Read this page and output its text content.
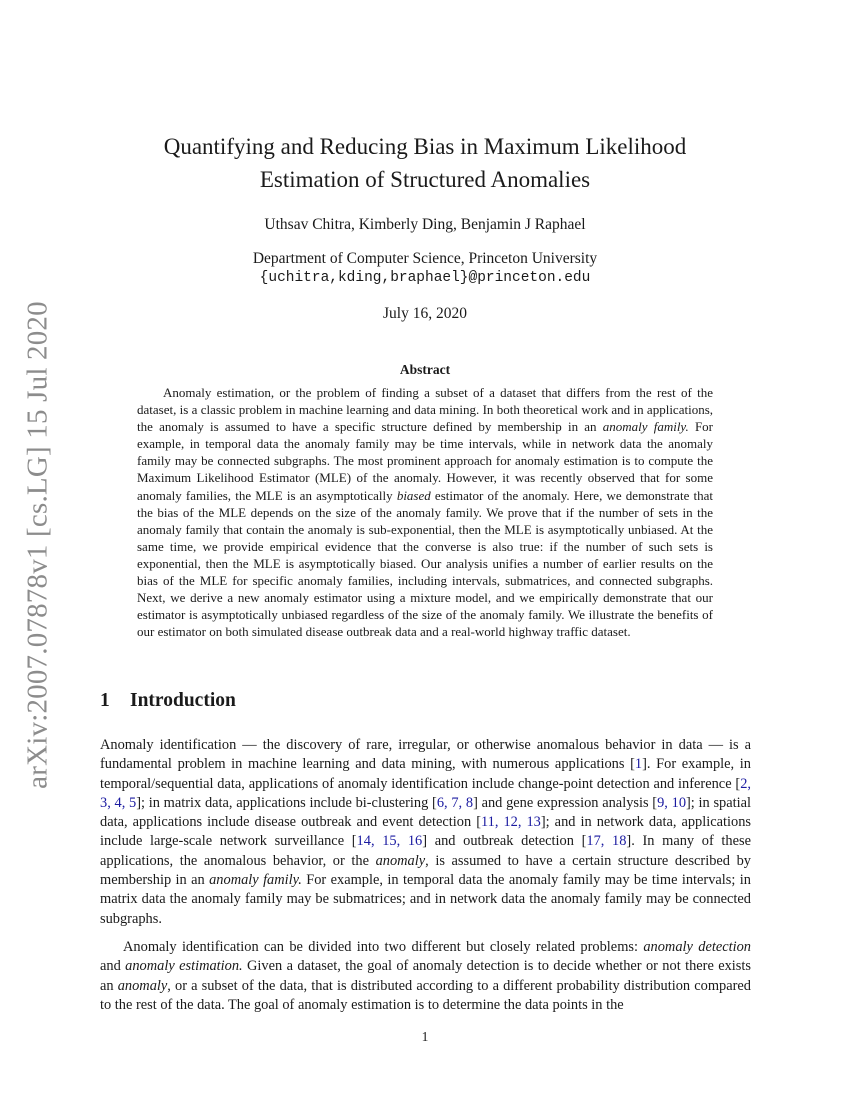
arXiv:2007.07878v1 [cs.LG] 15 Jul 2020
Quantifying and Reducing Bias in Maximum Likelihood
Estimation of Structured Anomalies
Uthsav Chitra, Kimberly Ding, Benjamin J Raphael
Department of Computer Science, Princeton University
{uchitra,kding,braphael}@princeton.edu
July 16, 2020
Abstract

Anomaly estimation, or the problem of finding a subset of a dataset that differs from the rest of the dataset, is a classic problem in machine learning and data mining. In both theoretical work and in applications, the anomaly is assumed to have a specific structure defined by membership in an anomaly family. For example, in temporal data the anomaly family may be time intervals, while in network data the anomaly family may be connected subgraphs. The most prominent approach for anomaly estimation is to compute the Maximum Likelihood Estimator (MLE) of the anomaly. However, it was recently observed that for some anomaly families, the MLE is an asymptotically biased estimator of the anomaly. Here, we demonstrate that the bias of the MLE depends on the size of the anomaly family. We prove that if the number of sets in the anomaly family that contain the anomaly is sub-exponential, then the MLE is asymptotically unbiased. At the same time, we provide empirical evidence that the converse is also true: if the number of such sets is exponential, then the MLE is asymptotically biased. Our analysis unifies a number of earlier results on the bias of the MLE for specific anomaly families, including intervals, submatrices, and connected subgraphs. Next, we derive a new anomaly estimator using a mixture model, and we empirically demonstrate that our estimator is asymptotically unbiased regardless of the size of the anomaly family. We illustrate the benefits of our estimator on both simulated disease outbreak data and a real-world highway traffic dataset.

1 Introduction

Anomaly identification — the discovery of rare, irregular, or otherwise anomalous behavior in data — is a fundamental problem in machine learning and data mining, with numerous applications [1]. For example, in temporal/sequential data, applications of anomaly identification include change-point detection and inference [2, 3, 4, 5]; in matrix data, applications include bi-clustering [6, 7, 8] and gene expression analysis [9, 10]; in spatial data, applications include disease outbreak and event detection [11, 12, 13]; and in network data, applications include large-scale network surveillance [14, 15, 16] and outbreak detection [17, 18]. In many of these applications, the anomalous behavior, or the anomaly, is assumed to have a certain structure described by membership in an anomaly family. For example, in temporal data the anomaly family may be time intervals; in matrix data the anomaly family may be submatrices; and in network data the anomaly family may be connected subgraphs.

Anomaly identification can be divided into two different but closely related problems: anomaly detection and anomaly estimation. Given a dataset, the goal of anomaly detection is to decide whether or not there exists an anomaly, or a subset of the data, that is distributed according to a different probability distribution compared to the rest of the data. The goal of anomaly estimation is to determine the data points in the

1
